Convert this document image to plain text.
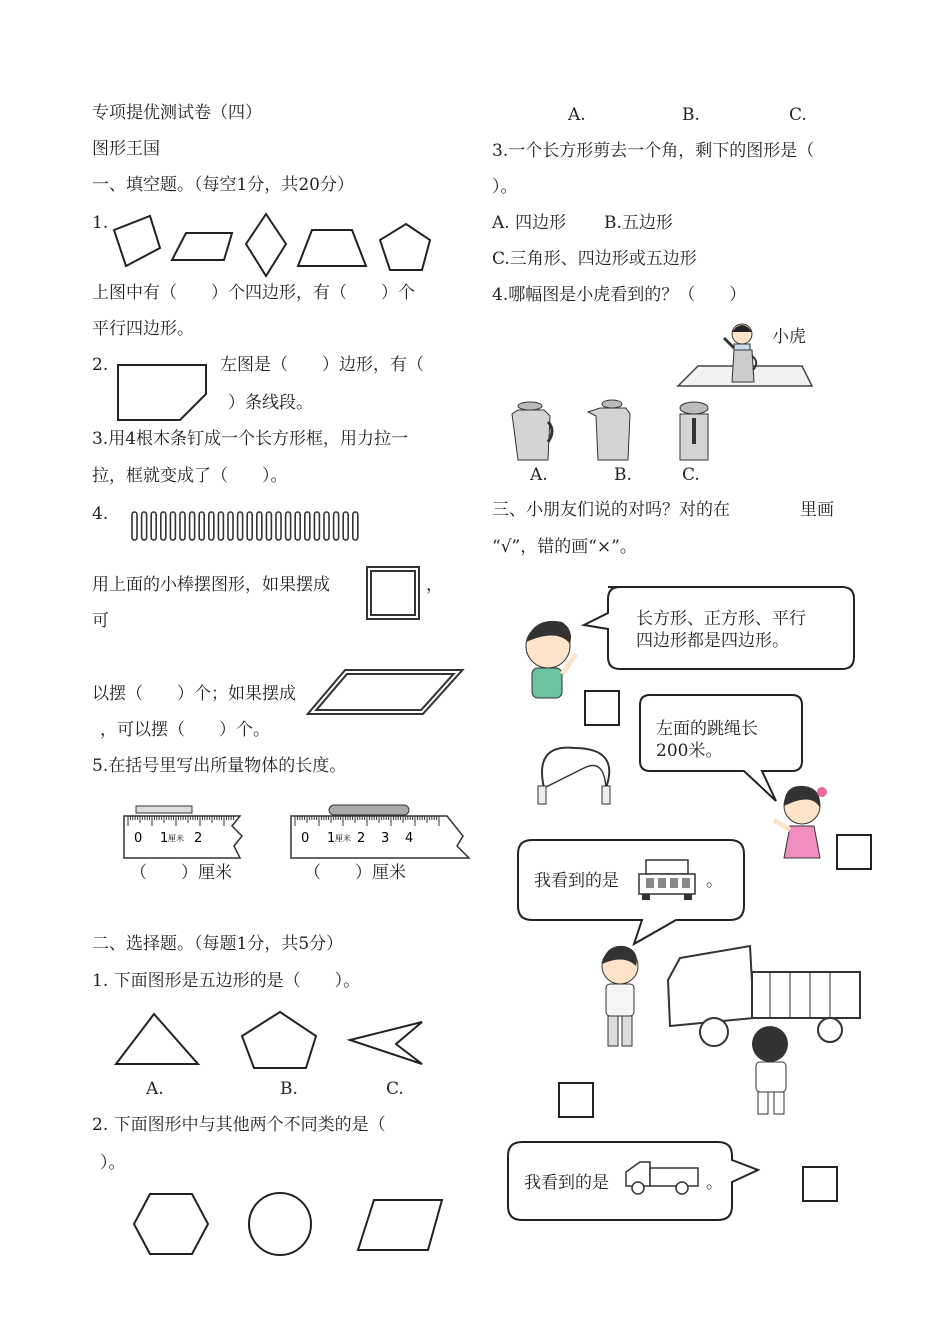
专项提优测试卷（四）
图形王国
一、填空题。（每空1分，共20分）
1.
上图中有（　　）个四边形，有（　　）个
平行四边形。
2.	左图是（　　）边形，有（
）条线段。
3.用4根木条钉成一个长方形框，用力拉一
拉，框就变成了（　　）。
4.
用上面的小棒摆图形，如果摆成	，
可
以摆（　　）个；如果摆成
，可以摆（　　）个。
5.在括号里写出所量物体的长度。
0 1 厘米 2	0 1 厘米 2 3 4
（　　）厘米	（　　）厘米
二、选择题。（每题1分，共5分）
1. 下面图形是五边形的是（　　）。
A.	B.	C.
2. 下面图形中与其他两个不同类的是（
）。
A.	B.	C.
3.一个长方形剪去一个角，剩下的图形是（
）。
A. 四边形 B.五边形
C.三角形、四边形或五边形
4.哪幅图是小虎看到的？（　　）
小虎
A.	B.	C.
三、小朋友们说的对吗？对的在	里画
“√”，错的画“×”。
长方形、正方形、平行
四边形都是四边形。
左面的跳绳长
200米。
我看到的是	。
我看到的是	。
